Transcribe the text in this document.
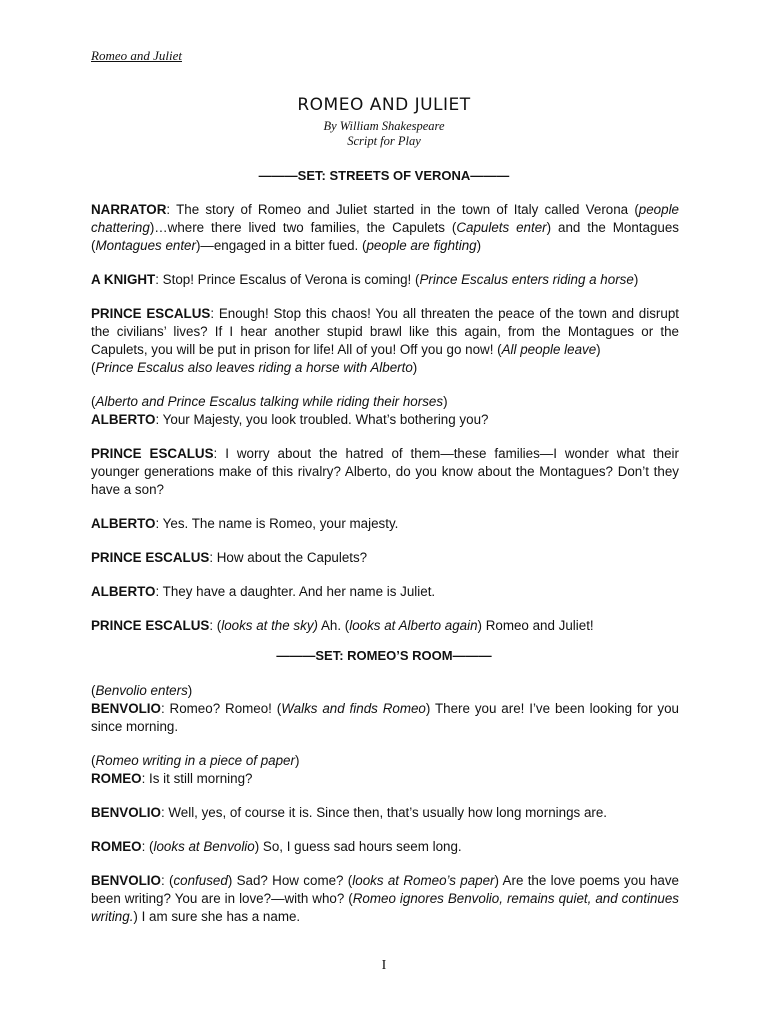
Romeo and Juliet
ROMEO AND JULIET
By William Shakespeare
Script for Play
———SET: STREETS OF VERONA———

NARRATOR: The story of Romeo and Juliet started in the town of Italy called Verona (people chattering)…where there lived two families, the Capulets (Capulets enter) and the Montagues (Montagues enter)—engaged in a bitter fued. (people are fighting)

A KNIGHT: Stop! Prince Escalus of Verona is coming! (Prince Escalus enters riding a horse)

PRINCE ESCALUS: Enough! Stop this chaos! You all threaten the peace of the town and disrupt the civilians’ lives? If I hear another stupid brawl like this again, from the Montagues or the Capulets, you will be put in prison for life! All of you! Off you go now! (All people leave)
(Prince Escalus also leaves riding a horse with Alberto)

(Alberto and Prince Escalus talking while riding their horses)
ALBERTO: Your Majesty, you look troubled. What’s bothering you?

PRINCE ESCALUS: I worry about the hatred of them—these families—I wonder what their younger generations make of this rivalry? Alberto, do you know about the Montagues? Don’t they have a son?

ALBERTO: Yes. The name is Romeo, your majesty.

PRINCE ESCALUS: How about the Capulets?

ALBERTO: They have a daughter. And her name is Juliet.

PRINCE ESCALUS: (looks at the sky) Ah. (looks at Alberto again) Romeo and Juliet!

———SET: ROMEO’S ROOM———

(Benvolio enters)
BENVOLIO: Romeo? Romeo! (Walks and finds Romeo) There you are! I’ve been looking for you since morning.

(Romeo writing in a piece of paper)
ROMEO: Is it still morning?

BENVOLIO: Well, yes, of course it is. Since then, that’s usually how long mornings are.

ROMEO: (looks at Benvolio) So, I guess sad hours seem long.

BENVOLIO: (confused) Sad? How come? (looks at Romeo’s paper) Are the love poems you have been writing? You are in love?—with who? (Romeo ignores Benvolio, remains quiet, and continues writing.) I am sure she has a name.

I
